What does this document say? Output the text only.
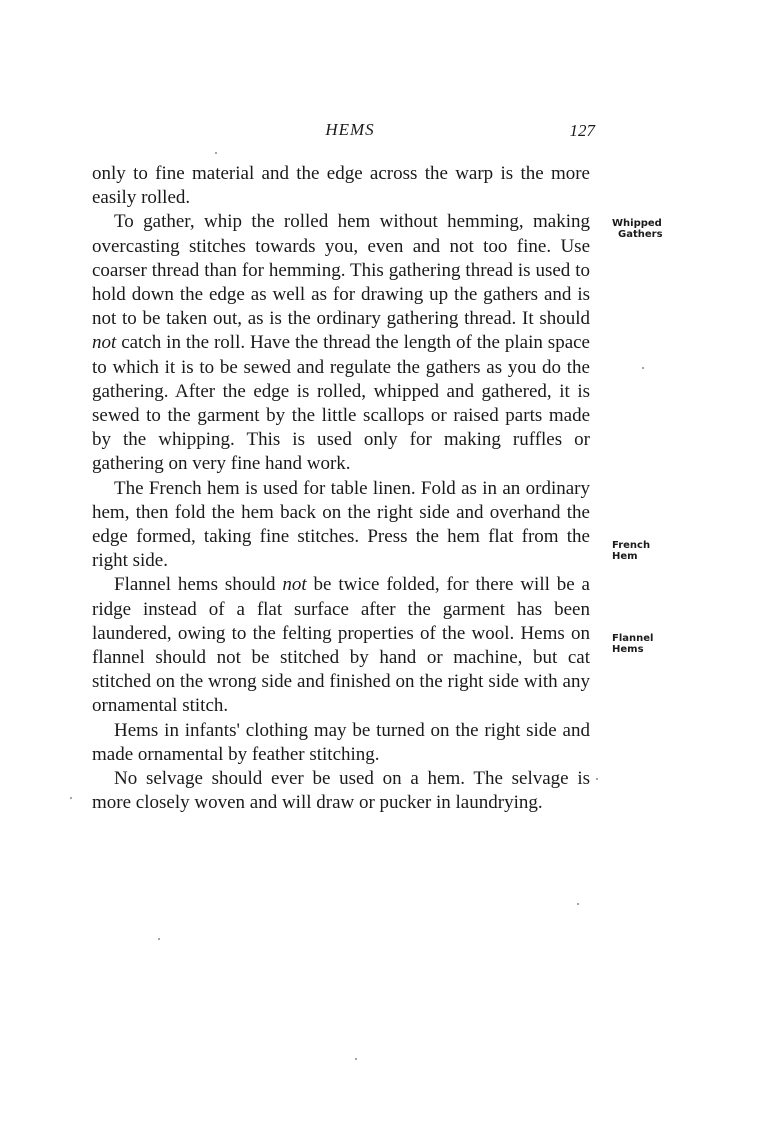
HEMS	127

only to fine material and the edge across the warp is the more easily rolled.

To gather, whip the rolled hem without hemming, making overcasting stitches towards you, even and not too fine. Use coarser thread than for hemming. This gathering thread is used to hold down the edge as well as for drawing up the gathers and is not to be taken out, as is the ordinary gathering thread. It should not catch in the roll. Have the thread the length of the plain space to which it is to be sewed and regulate the gathers as you do the gathering. After the edge is rolled, whipped and gathered, it is sewed to the garment by the little scallops or raised parts made by the whipping. This is used only for making ruffles or gathering on very fine hand work.

The French hem is used for table linen. Fold as in an ordinary hem, then fold the hem back on the right side and overhand the edge formed, taking fine stitches. Press the hem flat from the right side.

Flannel hems should not be twice folded, for there will be a ridge instead of a flat surface after the garment has been laundered, owing to the felting properties of the wool. Hems on flannel should not be stitched by hand or machine, but cat stitched on the wrong side and finished on the right side with any ornamental stitch.

Hems in infants' clothing may be turned on the right side and made ornamental by feather stitching.

No selvage should ever be used on a hem. The selvage is more closely woven and will draw or pucker in laundrying.

Whipped
Gathers
French
Hem
Flannel
Hems
